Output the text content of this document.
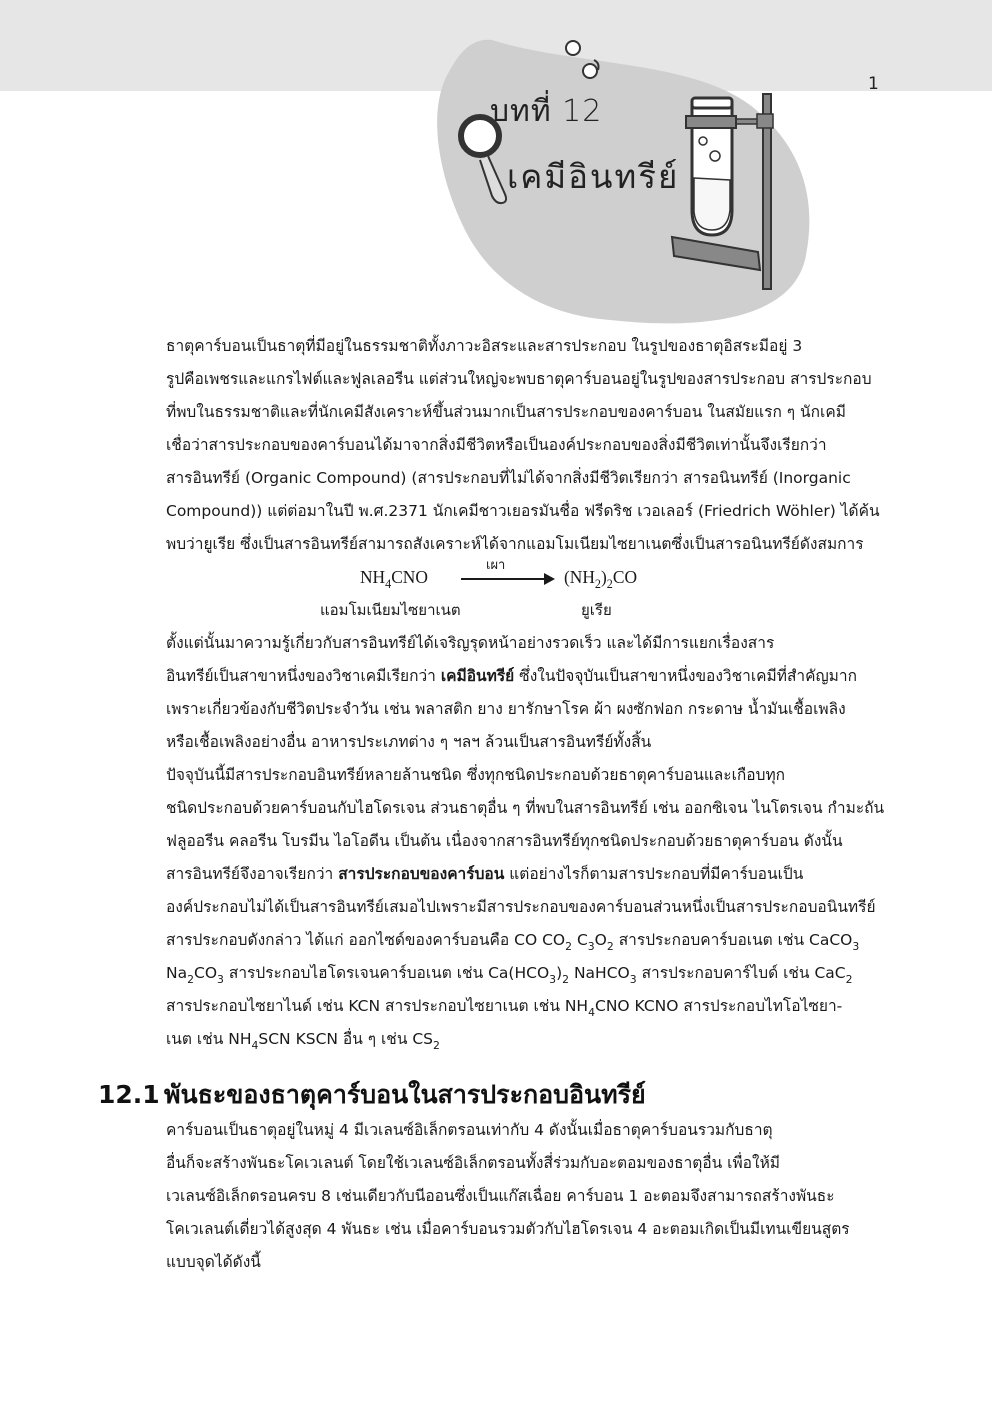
1
บทที่ 12
เคมีอินทรีย์

ธาตุคาร์บอนเป็นธาตุที่มีอยู่ในธรรมชาติทั้งภาวะอิสระและสารประกอบ ในรูปของธาตุอิสระมีอยู่ 3
รูปคือเพชรและแกรไฟต์และฟูลเลอรีน แต่ส่วนใหญ่จะพบธาตุคาร์บอนอยู่ในรูปของสารประกอบ สารประกอบ
ที่พบในธรรมชาติและที่นักเคมีสังเคราะห์ขึ้นส่วนมากเป็นสารประกอบของคาร์บอน ในสมัยแรก ๆ นักเคมี
เชื่อว่าสารประกอบของคาร์บอนได้มาจากสิ่งมีชีวิตหรือเป็นองค์ประกอบของสิ่งมีชีวิตเท่านั้นจึงเรียกว่า
สารอินทรีย์ (Organic Compound) (สารประกอบที่ไม่ได้จากสิ่งมีชีวิตเรียกว่า สารอนินทรีย์ (Inorganic
Compound)) แต่ต่อมาในปี พ.ศ.2371 นักเคมีชาวเยอรมันชื่อ ฟรีดริช เวอเลอร์ (Friedrich Wöhler) ได้ค้น
พบว่ายูเรีย ซึ่งเป็นสารอินทรีย์สามารถสังเคราะห์ได้จากแอมโมเนียมไซยาเนตซึ่งเป็นสารอนินทรีย์ดังสมการ

$NH_4CNO$
เผา
$(NH_2)_2CO$
แอมโมเนียมไซยาเนต	ยูเรีย

ตั้งแต่นั้นมาความรู้เกี่ยวกับสารอินทรีย์ได้เจริญรุดหน้าอย่างรวดเร็ว และได้มีการแยกเรื่องสาร
อินทรีย์เป็นสาขาหนึ่งของวิชาเคมีเรียกว่า เคมีอินทรีย์ ซึ่งในปัจจุบันเป็นสาขาหนึ่งของวิชาเคมีที่สำคัญมาก
เพราะเกี่ยวข้องกับชีวิตประจำวัน เช่น พลาสติก ยาง ยารักษาโรค ผ้า ผงซักฟอก กระดาษ น้ำมันเชื้อเพลิง
หรือเชื้อเพลิงอย่างอื่น อาหารประเภทต่าง ๆ ฯลฯ ล้วนเป็นสารอินทรีย์ทั้งสิ้น

ปัจจุบันนี้มีสารประกอบอินทรีย์หลายล้านชนิด ซึ่งทุกชนิดประกอบด้วยธาตุคาร์บอนและเกือบทุก
ชนิดประกอบด้วยคาร์บอนกับไฮโดรเจน ส่วนธาตุอื่น ๆ ที่พบในสารอินทรีย์ เช่น ออกซิเจน ไนโตรเจน กำมะถัน
ฟลูออรีน คลอรีน โบรมีน ไอโอดีน เป็นต้น เนื่องจากสารอินทรีย์ทุกชนิดประกอบด้วยธาตุคาร์บอน ดังนั้น
สารอินทรีย์จึงอาจเรียกว่า สารประกอบของคาร์บอน แต่อย่างไรก็ตามสารประกอบที่มีคาร์บอนเป็น
องค์ประกอบไม่ได้เป็นสารอินทรีย์เสมอไปเพราะมีสารประกอบของคาร์บอนส่วนหนึ่งเป็นสารประกอบอนินทรีย์
สารประกอบดังกล่าว ได้แก่ ออกไซด์ของคาร์บอนคือ CO $CO_2$ $C_3O_2$ สารประกอบคาร์บอเนต เช่น CaCO$_3$
$Na_2CO_3$ สารประกอบไฮโดรเจนคาร์บอเนต เช่น $Ca(HCO_3)_2$ NaHCO$_3$ สารประกอบคาร์ไบด์ เช่น CaC$_2$
สารประกอบไซยาไนด์ เช่น KCN สารประกอบไซยาเนต เช่น $NH_4CNO$ KCNO สารประกอบไทโอไซยา-
เนต เช่น $NH_4SCN$ KSCN อื่น ๆ เช่น $CS_2$

12.1 พันธะของธาตุคาร์บอนในสารประกอบอินทรีย์

คาร์บอนเป็นธาตุอยู่ในหมู่ 4 มีเวเลนซ์อิเล็กตรอนเท่ากับ 4 ดังนั้นเมื่อธาตุคาร์บอนรวมกับธาตุ
อื่นก็จะสร้างพันธะโคเวเลนต์ โดยใช้เวเลนซ์อิเล็กตรอนทั้งสี่ร่วมกับอะตอมของธาตุอื่น เพื่อให้มี
เวเลนซ์อิเล็กตรอนครบ 8 เช่นเดียวกับนีออนซึ่งเป็นแก๊สเฉื่อย คาร์บอน 1 อะตอมจึงสามารถสร้างพันธะ
โคเวเลนต์เดี่ยวได้สูงสุด 4 พันธะ เช่น เมื่อคาร์บอนรวมตัวกับไฮโดรเจน 4 อะตอมเกิดเป็นมีเทนเขียนสูตร
แบบจุดได้ดังนี้
